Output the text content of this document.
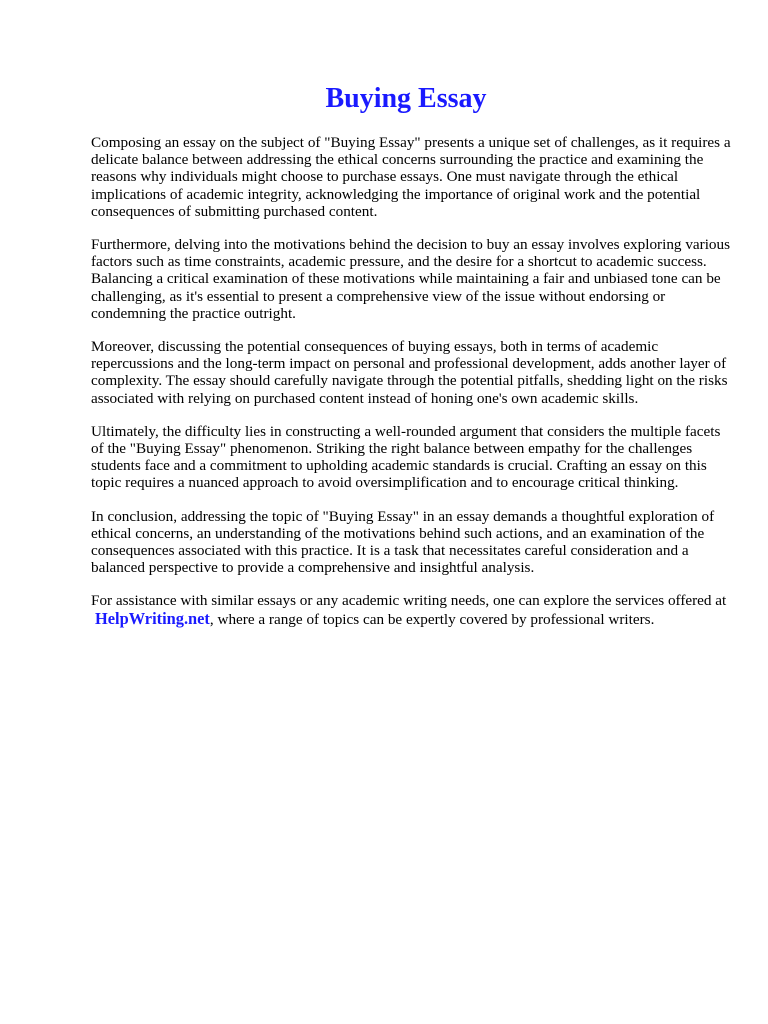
Buying Essay

Composing an essay on the subject of "Buying Essay" presents a unique set of challenges, as it requires a delicate balance between addressing the ethical concerns surrounding the practice and examining the reasons why individuals might choose to purchase essays. One must navigate through the ethical implications of academic integrity, acknowledging the importance of original work and the potential consequences of submitting purchased content.

Furthermore, delving into the motivations behind the decision to buy an essay involves exploring various factors such as time constraints, academic pressure, and the desire for a shortcut to academic success. Balancing a critical examination of these motivations while maintaining a fair and unbiased tone can be challenging, as it's essential to present a comprehensive view of the issue without endorsing or condemning the practice outright.

Moreover, discussing the potential consequences of buying essays, both in terms of academic repercussions and the long-term impact on personal and professional development, adds another layer of complexity. The essay should carefully navigate through the potential pitfalls, shedding light on the risks associated with relying on purchased content instead of honing one's own academic skills.

Ultimately, the difficulty lies in constructing a well-rounded argument that considers the multiple facets of the "Buying Essay" phenomenon. Striking the right balance between empathy for the challenges students face and a commitment to upholding academic standards is crucial. Crafting an essay on this topic requires a nuanced approach to avoid oversimplification and to encourage critical thinking.

In conclusion, addressing the topic of "Buying Essay" in an essay demands a thoughtful exploration of ethical concerns, an understanding of the motivations behind such actions, and an examination of the consequences associated with this practice. It is a task that necessitates careful consideration and a balanced perspective to provide a comprehensive and insightful analysis.

For assistance with similar essays or any academic writing needs, one can explore the services offered at HelpWriting.net, where a range of topics can be expertly covered by professional writers.
